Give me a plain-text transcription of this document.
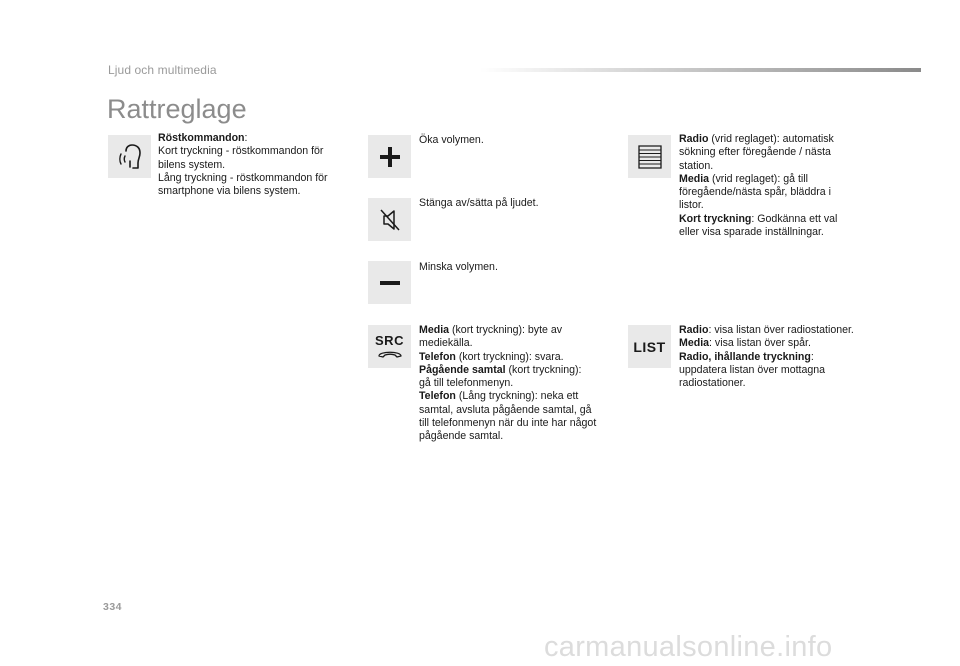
Ljud och multimedia
Rattreglage
Röstkommandon:
Kort tryckning - röstkommandon för
bilens system.
Lång tryckning - röstkommandon för
smartphone via bilens system.
Öka volymen.
Stänga av/sätta på ljudet.
Minska volymen.
SRC
Media (kort tryckning): byte av
mediekälla.
Telefon (kort tryckning): svara.
Pågående samtal (kort tryckning):
gå till telefonmenyn.
Telefon (Lång tryckning): neka ett
samtal, avsluta pågående samtal, gå
till telefonmenyn när du inte har något
pågående samtal.
Radio (vrid reglaget): automatisk
sökning efter föregående / nästa
station.
Media (vrid reglaget): gå till
föregående/nästa spår, bläddra i
listor.
Kort tryckning: Godkänna ett val
eller visa sparade inställningar.
LIST
Radio: visa listan över radiostationer.
Media: visa listan över spår.
Radio, ihållande tryckning:
uppdatera listan över mottagna
radiostationer.
334
carmanualsonline.info
